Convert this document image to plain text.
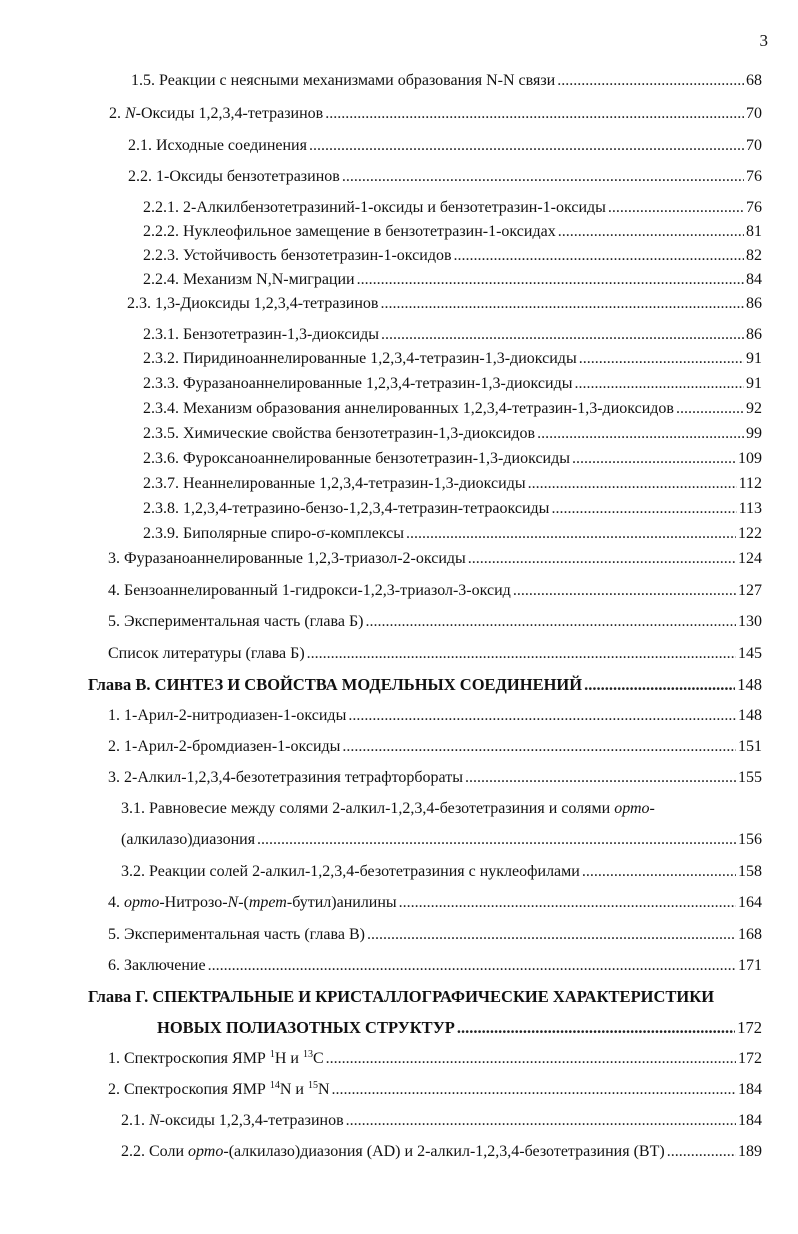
3
1.5. Реакции с неясными механизмами образования N-N связи .....	68
2. N-Оксиды 1,2,3,4-тетразинов .....	70
2.1. Исходные соединения .....	70
2.2. 1-Оксиды бензотетразинов .....	76
2.2.1. 2-Алкилбензотетразиний-1-оксиды и бензотетразин-1-оксиды .....	76
2.2.2. Нуклеофильное замещение в бензотетразин-1-оксидах .....	81
2.2.3. Устойчивость бензотетразин-1-оксидов .....	82
2.2.4. Механизм N,N-миграции .....	84
2.3. 1,3-Диоксиды 1,2,3,4-тетразинов .....	86
2.3.1. Бензотетразин-1,3-диоксиды .....	86
2.3.2. Пиридиноаннелированные 1,2,3,4-тетразин-1,3-диоксиды .....	91
2.3.3. Фуразаноаннелированные 1,2,3,4-тетразин-1,3-диоксиды .....	91
2.3.4. Механизм образования аннелированных 1,2,3,4-тетразин-1,3-диоксидов .....	92
2.3.5. Химические свойства бензотетразин-1,3-диоксидов .....	99
2.3.6. Фуроксаноаннелированные бензотетразин-1,3-диоксиды .....	109
2.3.7. Неаннелированные 1,2,3,4-тетразин-1,3-диоксиды .....	112
2.3.8. 1,2,3,4-тетразино-бензо-1,2,3,4-тетразин-тетраоксиды .....	113
2.3.9. Биполярные спиро-σ-комплексы .....	122
3. Фуразаноаннелированные 1,2,3-триазол-2-оксиды .....	124
4. Бензоаннелированный 1-гидрокси-1,2,3-триазол-3-оксид .....	127
5. Экспериментальная часть (глава Б) .....	130
Список литературы (глава Б) .....	145
Глава В. СИНТЕЗ И СВОЙСТВА МОДЕЛЬНЫХ СОЕДИНЕНИЙ .....	148
1. 1-Арил-2-нитродиазен-1-оксиды .....	148
2. 1-Арил-2-бромдиазен-1-оксиды .....	151
3. 2-Алкил-1,2,3,4-безотетразиния тетрафторбораты .....	155
3.1. Равновесие между солями 2-алкил-1,2,3,4-безотетразиния и солями орто-
(алкилазо)диазония .....	156
3.2. Реакции солей 2-алкил-1,2,3,4-безотетразиния с нуклеофилами .....	158
4. орто-Нитрозо-N-(трет-бутил)анилины .....	164
5. Экспериментальная часть (глава В) .....	168
6. Заключение .....	171
Глава Г. СПЕКТРАЛЬНЫЕ И КРИСТАЛЛОГРАФИЧЕСКИЕ ХАРАКТЕРИСТИКИ
НОВЫХ ПОЛИАЗОТНЫХ СТРУКТУР .....	172
1. Спектроскопия ЯМР $^1$H и $^{13}$C .....	172
2. Спектроскопия ЯМР $^{14}$N и $^{15}$N .....	184
2.1. N-оксиды 1,2,3,4-тетразинов .....	184
2.2. Соли орто-(алкилазо)диазония (AD) и 2-алкил-1,2,3,4-безотетразиния (BT) .....	189
